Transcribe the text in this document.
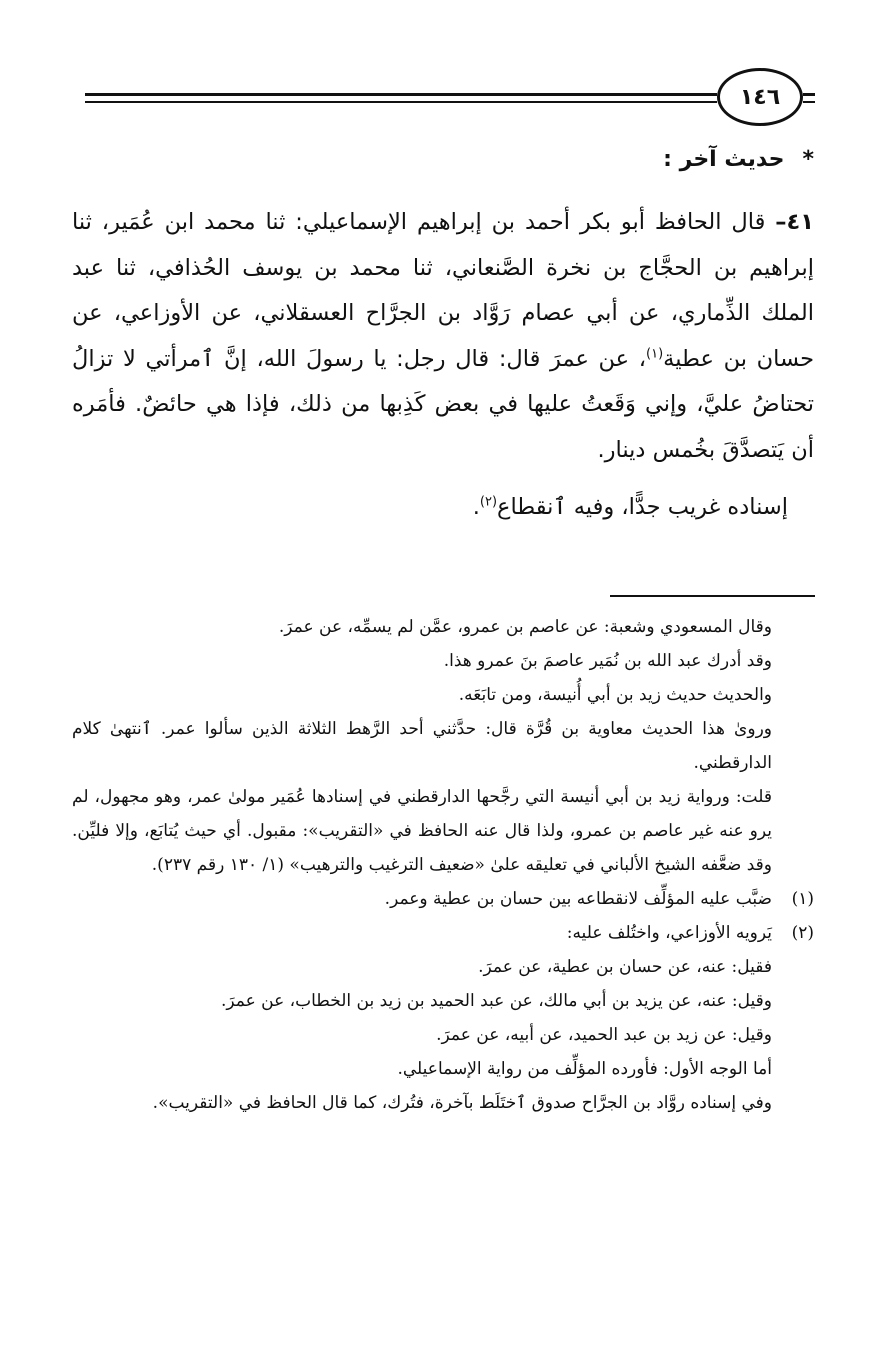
١٤٦

*حديث آخر :

٤١– قال الحافظ أبو بكر أحمد بن إبراهيم الإسماعيلي: ثنا محمد ابن عُمَير، ثنا إبراهيم بن الحجَّاج بن نخرة الصَّنعاني، ثنا محمد بن يوسف الحُذافي، ثنا عبد الملك الذِّماري، عن أبي عصام رَوَّاد بن الجرَّاح العسقلاني، عن الأوزاعي، عن حسان بن عطية$^{(١)}$، عن عمرَ قال: قال رجل: يا رسولَ الله، إنَّ ٱمرأتي لا تزالُ تحتاضُ عليَّ، وإني وَقَعتُ عليها في بعض كَذِبها من ذلك، فإذا هي حائضٌ. فأمَره أن يَتصدَّقَ بخُمس دينار.

إسناده غريب جدًّا، وفيه ٱنقطاع$^{(٢)}$.

وقال المسعودي وشعبة: عن عاصم بن عمرو، عمَّن لم يسمِّه، عن عمرَ.

وقد أدرك عبد الله بن نُمَير عاصمَ بنَ عمرو هذا.

والحديث حديث زيد بن أبي أُنيسة، ومن تابَعَه.

وروىٰ هذا الحديث معاوية بن قُرَّة قال: حدَّثني أحد الرَّهط الثلاثة الذين سألوا عمر. ٱنتهىٰ كلام الدارقطني.

قلت: ورواية زيد بن أبي أنيسة التي رجَّحها الدارقطني في إسنادها عُمَير مولىٰ عمر، وهو مجهول، لم يرو عنه غير عاصم بن عمرو، ولذا قال عنه الحافظ في «التقريب»: مقبول. أي حيث يُتابَع، وإلا فليِّن. وقد ضعَّفه الشيخ الألباني في تعليقه علىٰ «ضعيف الترغيب والترهيب» (١/ ١٣٠ رقم ٢٣٧).

(١)
ضبَّب عليه المؤلِّف لانقطاعه بين حسان بن عطية وعمر.
(٢)
يَرويه الأوزاعي، واختُلف عليه:

فقيل: عنه، عن حسان بن عطية، عن عمرَ.

وقيل: عنه، عن يزيد بن أبي مالك، عن عبد الحميد بن زيد بن الخطاب، عن عمرَ.

وقيل: عن زيد بن عبد الحميد، عن أبيه، عن عمرَ.

أما الوجه الأول: فأورده المؤلِّف من رواية الإسماعيلي.

وفي إسناده روَّاد بن الجرَّاح صدوق ٱختَلَط بآخرة، فتُرك، كما قال الحافظ في «التقريب».
